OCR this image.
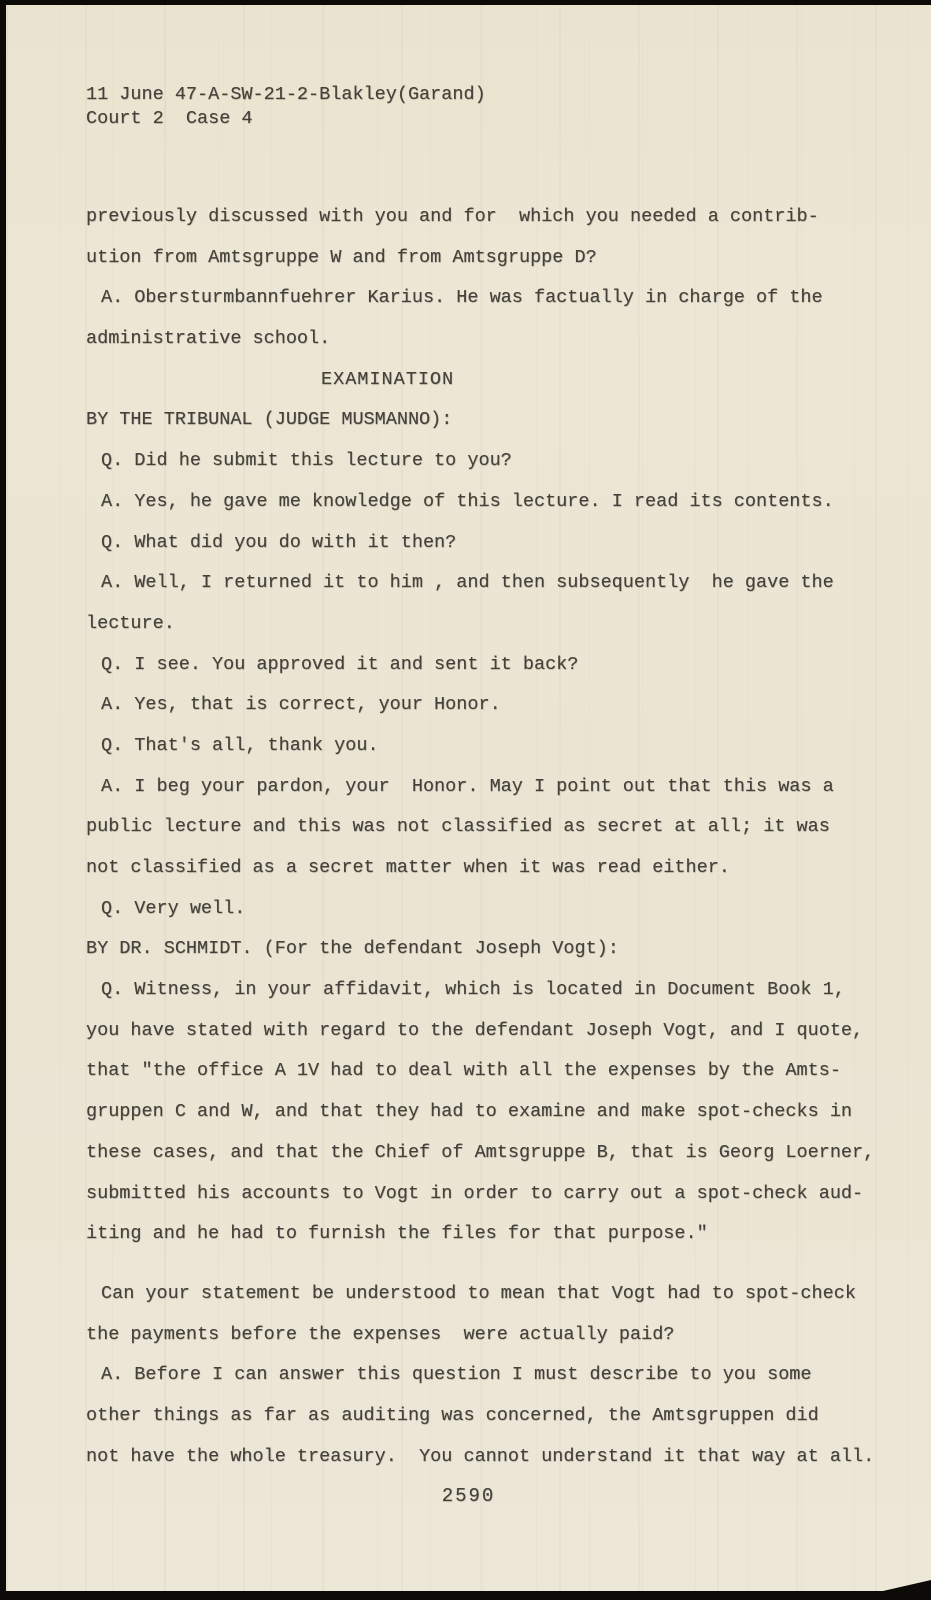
11 June 47-A-SW-21-2-Blakley(Garand)
Court 2  Case 4
previously discussed with you and for  which you needed a contrib-
ution from Amtsgruppe W and from Amtsgruppe D?
A. Obersturmbannfuehrer Karius. He was factually in charge of the
administrative school.
EXAMINATION
BY THE TRIBUNAL (JUDGE MUSMANNO):
Q. Did he submit this lecture to you?
A. Yes, he gave me knowledge of this lecture. I read its contents.
Q. What did you do with it then?
A. Well, I returned it to him , and then subsequently  he gave the
lecture.
Q. I see. You approved it and sent it back?
A. Yes, that is correct, your Honor.
Q. That's all, thank you.
A. I beg your pardon, your  Honor. May I point out that this was a
public lecture and this was not classified as secret at all; it was
not classified as a secret matter when it was read either.
Q. Very well.
BY DR. SCHMIDT. (For the defendant Joseph Vogt):
Q. Witness, in your affidavit, which is located in Document Book 1,
you have stated with regard to the defendant Joseph Vogt, and I quote,
that "the office A 1V had to deal with all the expenses by the Amts-
gruppen C and W, and that they had to examine and make spot-checks in
these cases, and that the Chief of Amtsgruppe B, that is Georg Loerner,
submitted his accounts to Vogt in order to carry out a spot-check aud-
iting and he had to furnish the files for that purpose."
Can your statement be understood to mean that Vogt had to spot-check
the payments before the expenses  were actually paid?
A. Before I can answer this question I must describe to you some
other things as far as auditing was concerned, the Amtsgruppen did
not have the whole treasury.  You cannot understand it that way at all.
2590
